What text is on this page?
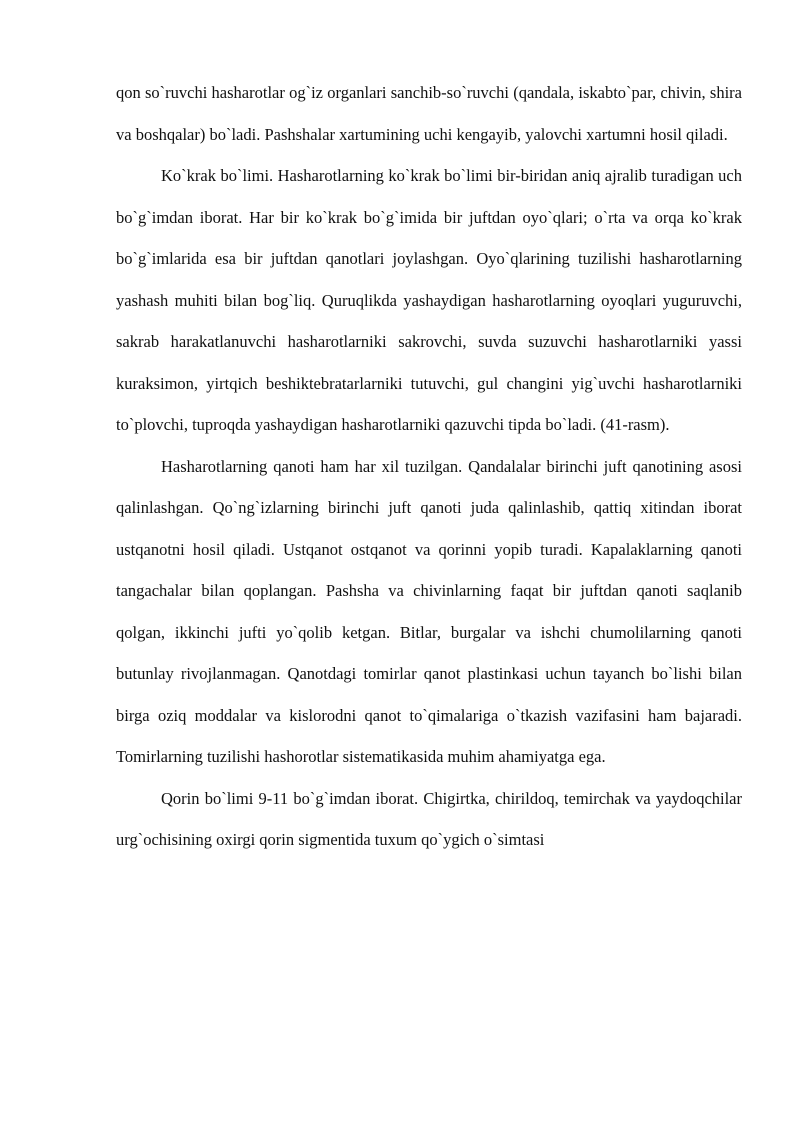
qon so`ruvchi hasharotlar og`iz organlari sanchib-so`ruvchi (qandala, iskabto`par, chivin, shira va boshqalar) bo`ladi. Pashshalar xartumining uchi kengayib, yalovchi xartumni hosil qiladi.

Ko`krak bo`limi. Hasharotlarning ko`krak bo`limi bir-biridan aniq ajralib turadigan uch bo`g`imdan iborat. Har bir ko`krak bo`g`imida bir juftdan oyo`qlari; o`rta va orqa ko`krak bo`g`imlarida esa bir juftdan qanotlari joylashgan. Oyo`qlarining tuzilishi hasharotlarning yashash muhiti bilan bog`liq. Quruqlikda yashaydigan hasharotlarning oyoqlari yuguruvchi, sakrab harakatlanuvchi hasharotlarniki sakrovchi, suvda suzuvchi hasharotlarniki yassi kuraksimon, yirtqich beshiktebratarlarniki tutuvchi, gul changini yig`uvchi hasharotlarniki to`plovchi, tuproqda yashaydigan hasharotlarniki qazuvchi tipda bo`ladi. (41-rasm).

Hasharotlarning qanoti ham har xil tuzilgan. Qandalalar birinchi juft qanotining asosi qalinlashgan. Qo`ng`izlarning birinchi juft qanoti juda qalinlashib, qattiq xitindan iborat ustqanotni hosil qiladi. Ustqanot ostqanot va qorinni yopib turadi. Kapalaklarning qanoti tangachalar bilan qoplangan. Pashsha va chivinlarning faqat bir juftdan qanoti saqlanib qolgan, ikkinchi jufti yo`qolib ketgan. Bitlar, burgalar va ishchi chumolilarning qanoti butunlay rivojlanmagan. Qanotdagi tomirlar qanot plastinkasi uchun tayanch bo`lishi bilan birga oziq moddalar va kislorodni qanot to`qimalariga o`tkazish vazifasini ham bajaradi. Tomirlarning tuzilishi hashorotlar sistematikasida muhim ahamiyatga ega.

Qorin bo`limi 9-11 bo`g`imdan iborat. Chigirtka, chirildoq, temirchak va yaydoqchilar urg`ochisining oxirgi qorin sigmentida tuxum qo`ygich o`simtasi
